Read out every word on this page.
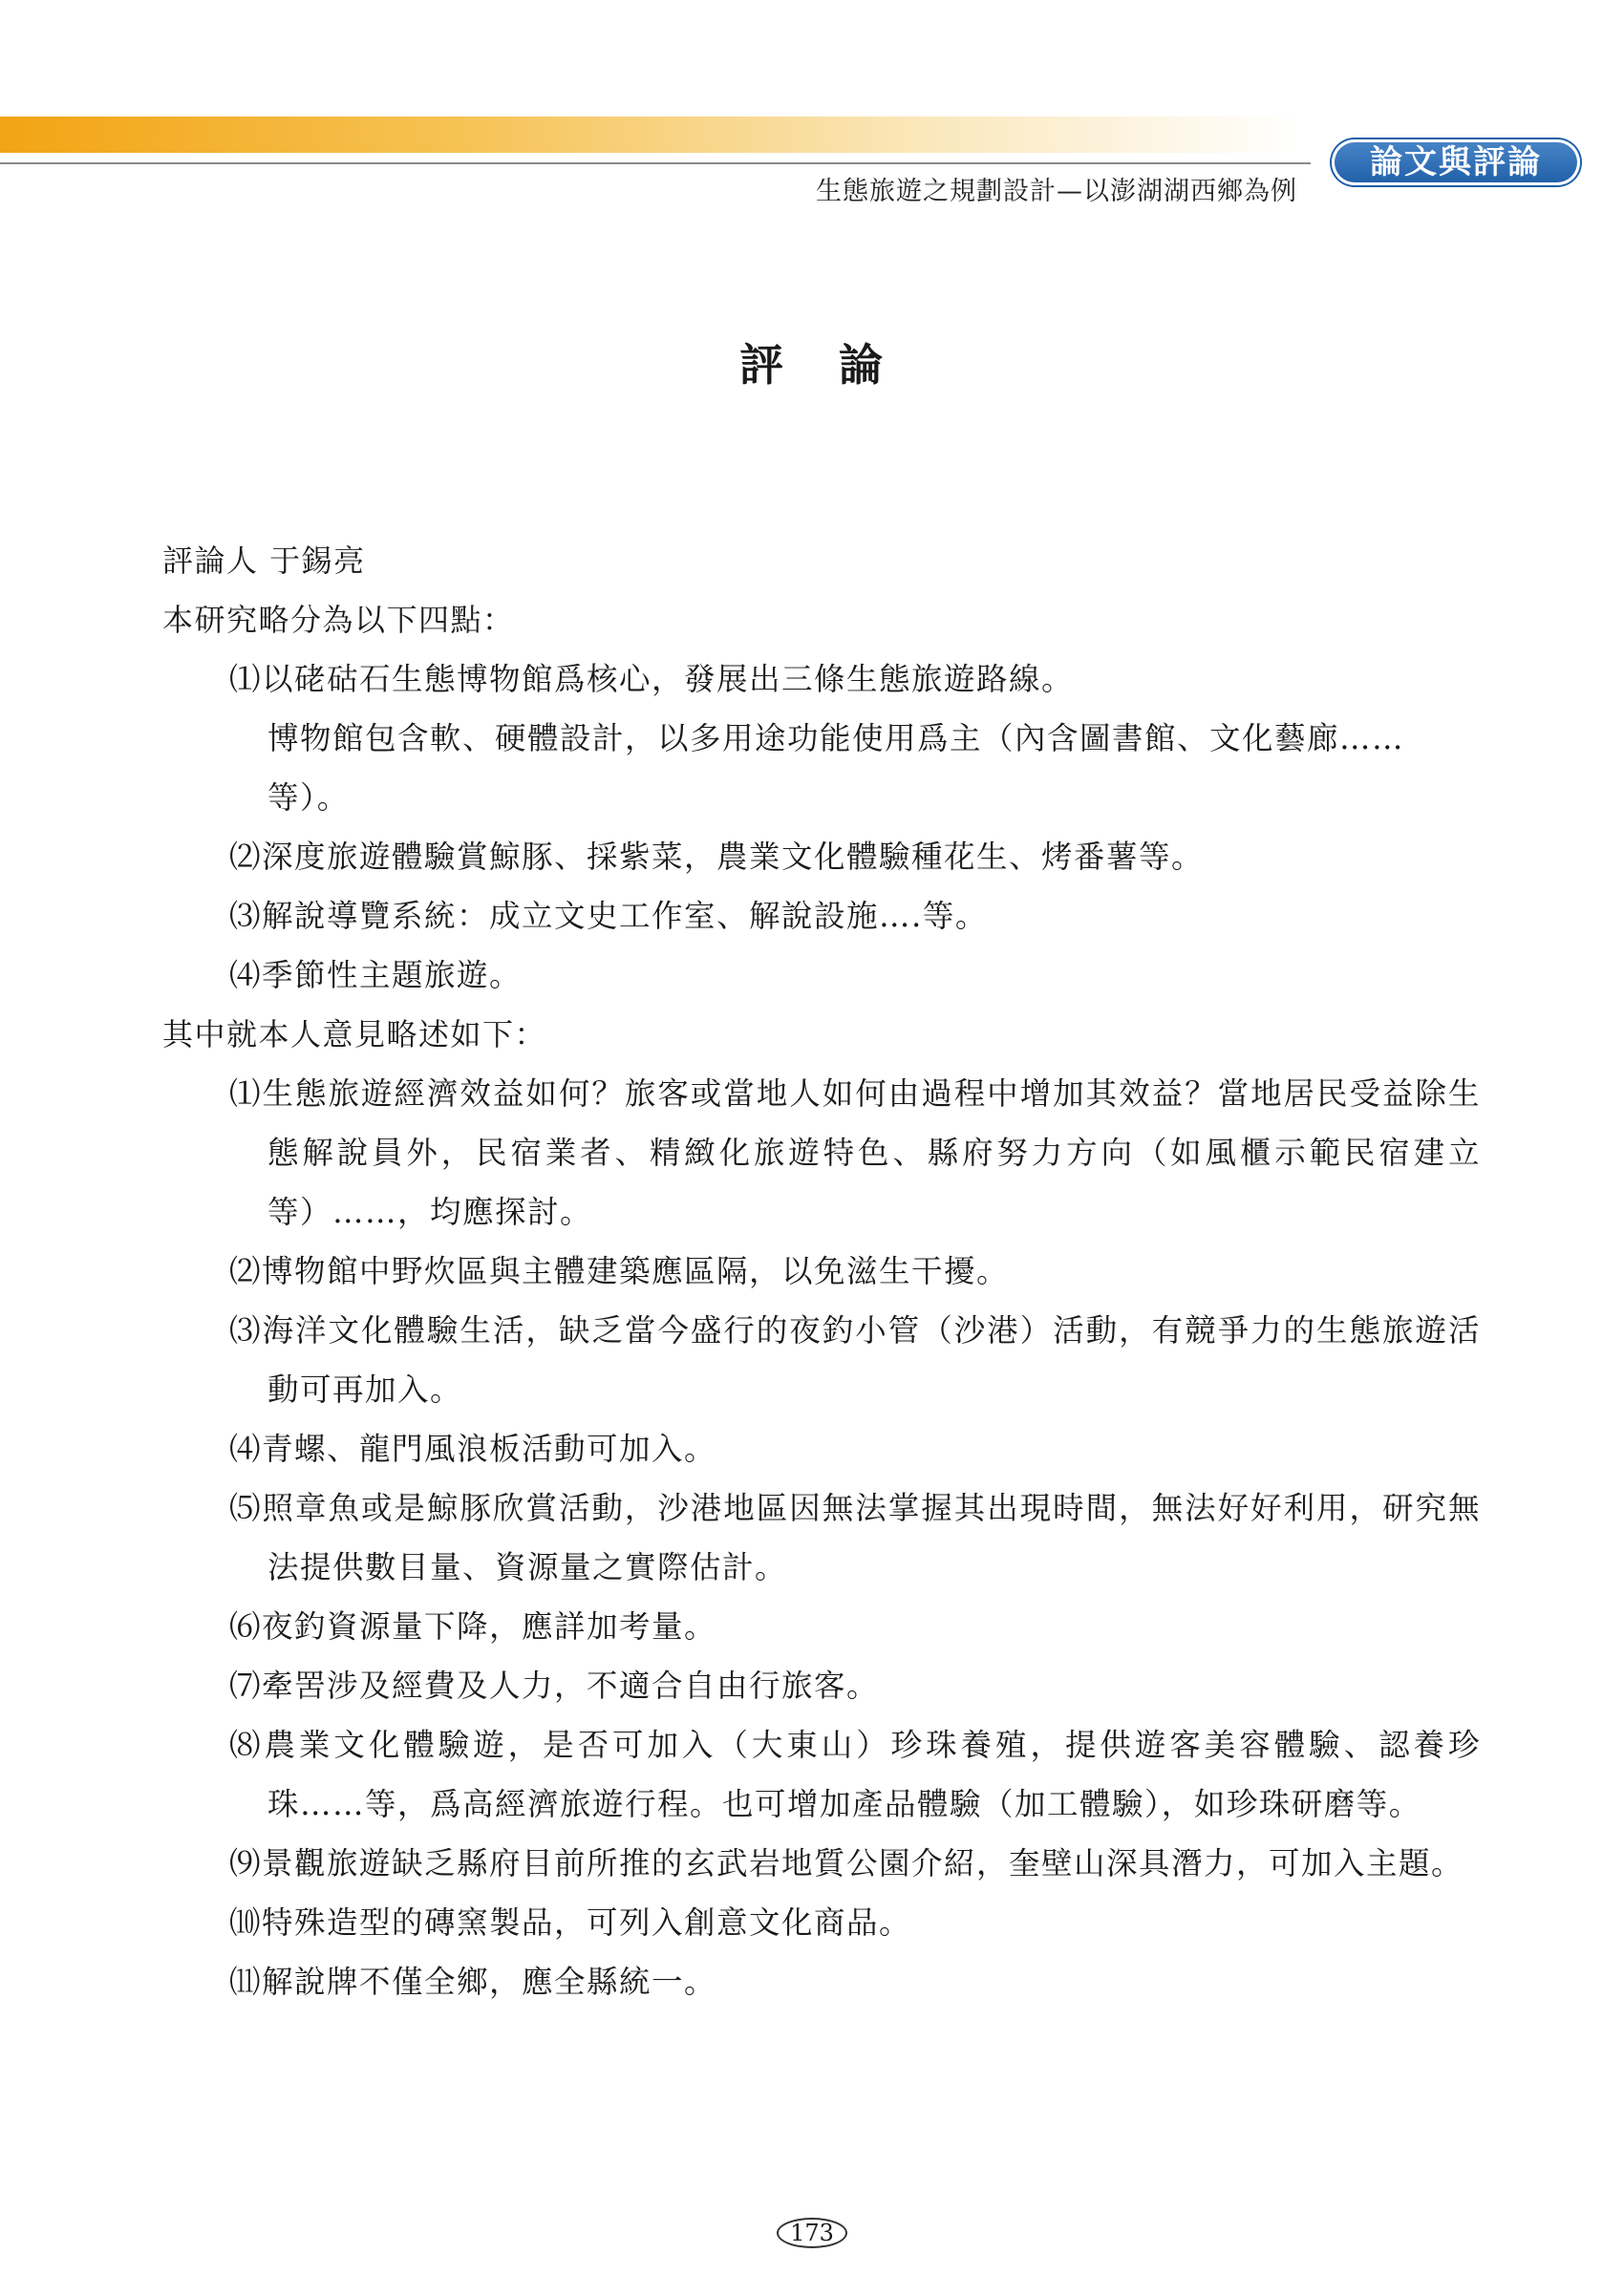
生態旅遊之規劃設計—以澎湖湖西鄉為例
論文與評論
評 論

評論人 于錫亮

本研究略分為以下四點：

⑴以硓𥑮石生態博物館爲核心，發展出三條生態旅遊路線。

博物館包含軟、硬體設計，以多用途功能使用爲主（內含圖書館、文化藝廊……等）。

⑵深度旅遊體驗賞鯨豚、採紫菜，農業文化體驗種花生、烤番薯等。

⑶解說導覽系統：成立文史工作室、解說設施….等。

⑷季節性主題旅遊。

其中就本人意見略述如下：

⑴生態旅遊經濟效益如何？旅客或當地人如何由過程中增加其效益？當地居民受益除生態解說員外，民宿業者、精緻化旅遊特色、縣府努力方向（如風櫃示範民宿建立等）……，均應探討。

⑵博物館中野炊區與主體建築應區隔，以免滋生干擾。

⑶海洋文化體驗生活，缺乏當今盛行的夜釣小管（沙港）活動，有競爭力的生態旅遊活動可再加入。

⑷青螺、龍門風浪板活動可加入。

⑸照章魚或是鯨豚欣賞活動，沙港地區因無法掌握其出現時間，無法好好利用，研究無法提供數目量、資源量之實際估計。

⑹夜釣資源量下降，應詳加考量。

⑺牽罟涉及經費及人力，不適合自由行旅客。

⑻農業文化體驗遊，是否可加入（大東山）珍珠養殖，提供遊客美容體驗、認養珍珠……等，爲高經濟旅遊行程。也可增加產品體驗（加工體驗），如珍珠研磨等。

⑼景觀旅遊缺乏縣府目前所推的玄武岩地質公園介紹，奎壁山深具潛力，可加入主題。

⑽特殊造型的磚窯製品，可列入創意文化商品。

⑾解說牌不僅全鄉，應全縣統一。

173
